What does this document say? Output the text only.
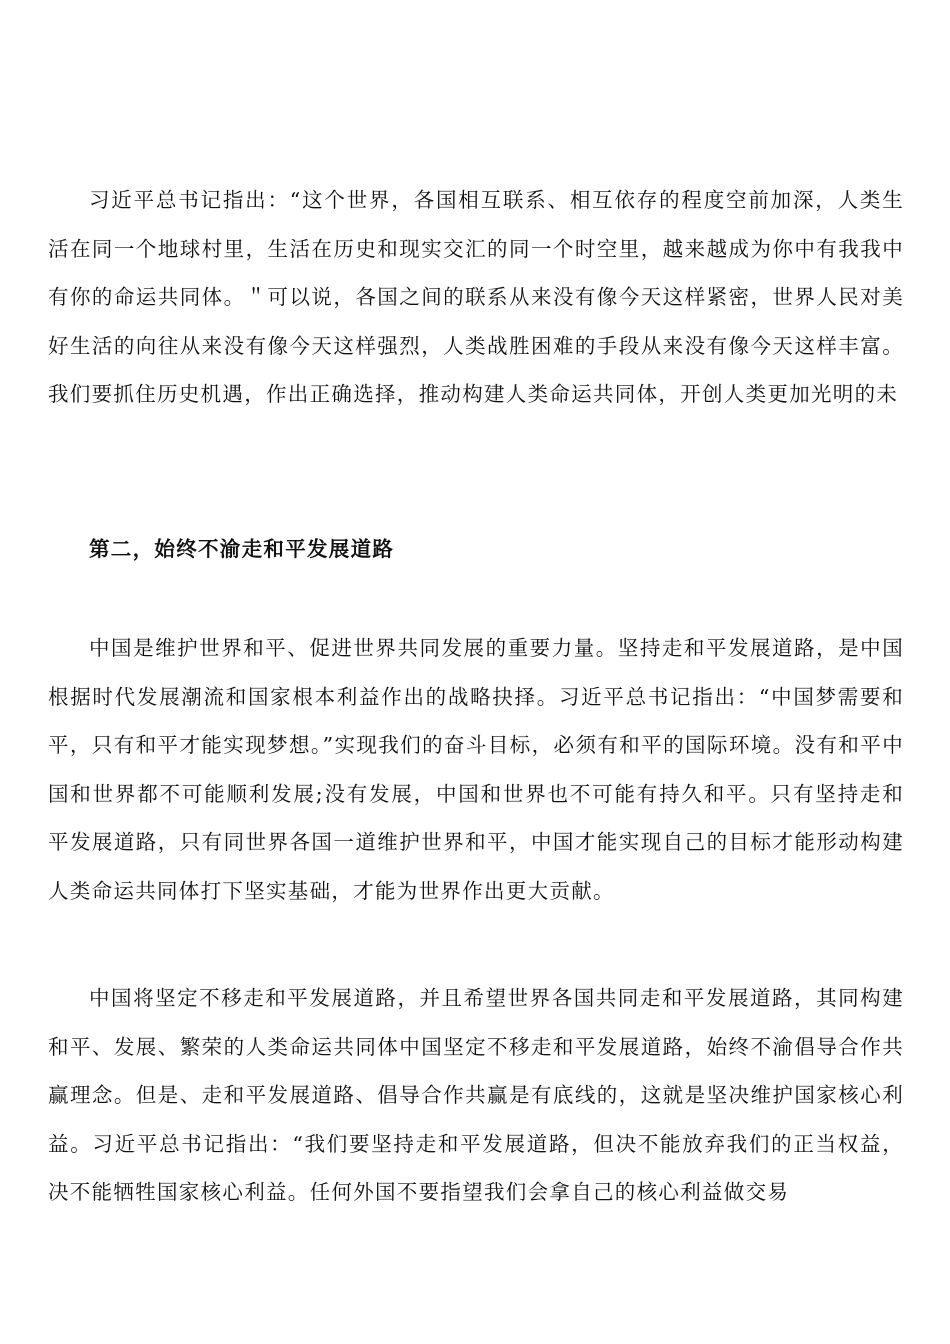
习近平总书记指出：“这个世界，各国相互联系、相互依存的程度空前加深，人类生活在同一个地球村里，生活在历史和现实交汇的同一个时空里，越来越成为你中有我我中有你的命运共同体。＂可以说，各国之间的联系从来没有像今天这样紧密，世界人民对美好生活的向往从来没有像今天这样强烈，人类战胜困难的手段从来没有像今天这样丰富。我们要抓住历史机遇，作出正确选择，推动构建人类命运共同体，开创人类更加光明的未

第二，始终不渝走和平发展道路

中国是维护世界和平、促进世界共同发展的重要力量。坚持走和平发展道路，是中国根据时代发展潮流和国家根本利益作出的战略抉择。习近平总书记指出：“中国梦需要和平，只有和平才能实现梦想。”实现我们的奋斗目标，必须有和平的国际环境。没有和平中国和世界都不可能顺利发展;没有发展，中国和世界也不可能有持久和平。只有坚持走和平发展道路，只有同世界各国一道维护世界和平，中国才能实现自己的目标才能形动构建人类命运共同体打下坚实基础，才能为世界作出更大贡献。

中国将坚定不移走和平发展道路，并且希望世界各国共同走和平发展道路，其同构建和平、发展、繁荣的人类命运共同体中国坚定不移走和平发展道路，始终不渝倡导合作共赢理念。但是、走和平发展道路、倡导合作共赢是有底线的，这就是坚决维护国家核心利益。习近平总书记指出：“我们要坚持走和平发展道路，但决不能放弃我们的正当权益，决不能牺牲国家核心利益。任何外国不要指望我们会拿自己的核心利益做交易
